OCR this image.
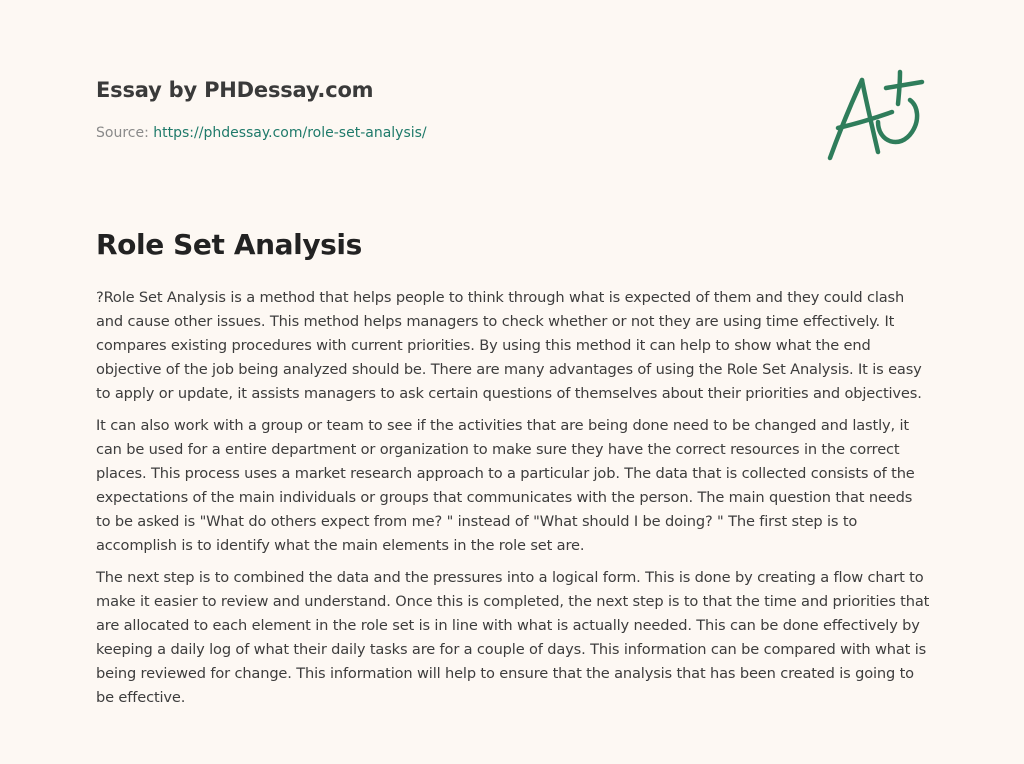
Essay by PHDessay.com
Source: https://phdessay.com/role-set-analysis/
Role Set Analysis

?Role Set Analysis is a method that helps people to think through what is expected of them and they could clash and cause other issues. This method helps managers to check whether or not they are using time effectively. It compares existing procedures with current priorities. By using this method it can help to show what the end objective of the job being analyzed should be. There are many advantages of using the Role Set Analysis. It is easy to apply or update, it assists managers to ask certain questions of themselves about their priorities and objectives.

It can also work with a group or team to see if the activities that are being done need to be changed and lastly, it can be used for a entire department or organization to make sure they have the correct resources in the correct places. This process uses a market research approach to a particular job. The data that is collected consists of the expectations of the main individuals or groups that communicates with the person. The main question that needs to be asked is "What do others expect from me? " instead of "What should I be doing? " The first step is to accomplish is to identify what the main elements in the role set are.

The next step is to combined the data and the pressures into a logical form. This is done by creating a flow chart to make it easier to review and understand. Once this is completed, the next step is to that the time and priorities that are allocated to each element in the role set is in line with what is actually needed. This can be done effectively by keeping a daily log of what their daily tasks are for a couple of days. This information can be compared with what is being reviewed for change. This information will help to ensure that the analysis that has been created is going to be effective.
